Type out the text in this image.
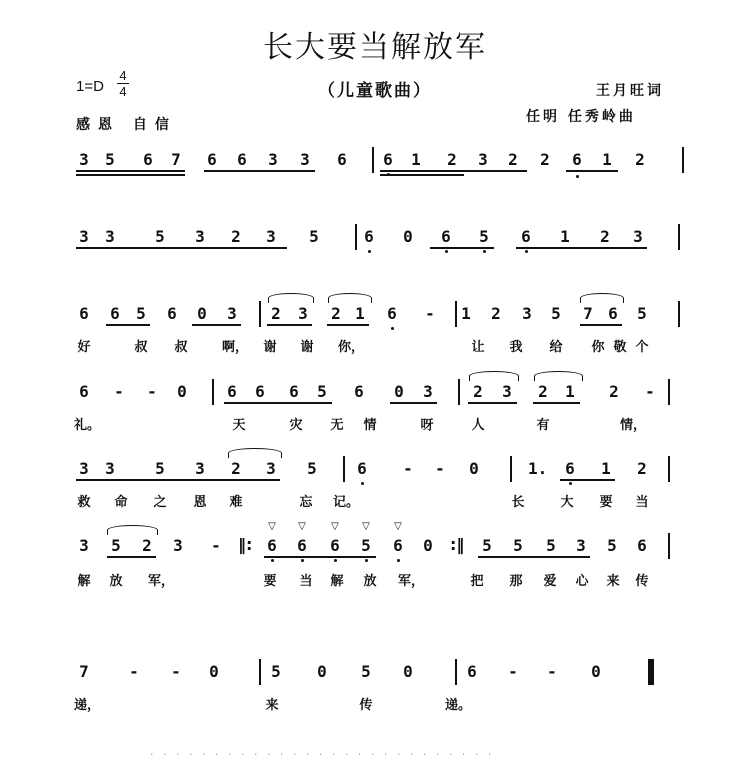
长大要当解放军
（儿童歌曲）
1=D
4
4
感恩 自信
王月旺词
任明 任秀岭曲
3 5 6 7 6 6 3 3 6 6 1 2 3 2 2 6 1 2
3 3	5 3 2 3 5	6 0 6 5 6 1 2 3
6 6 5 6 0 3 2 3 2 1 6 - 1 2 3 5 7 6 5
好	叔 叔	啊， 谢 谢 你，	让 我 给 你 敬 个
6 - - 0	6 6 6 5 6 0 3	2 3 2 1 2 -
礼。	天	灾 无 情	呀	人	有	情，
3 3	5 3 2 3 5	6 - - 0	1. 6 1 2
救 命 之 恩 难	忘 记。	长	大 要 当
3 5 2 3 -	6 6 6 5 6 0	5 5 5 3 5 6
‖:	:‖
▽ ▽	▽ ▽ ▽
解 放 军，	要 当 解 放 军，	把 那 爱 心 来 传
7	- - 0	5 0 5 0	6 - - 0
递，	来	传	递。
· · · · · · · · · · · · · · · · · · · · · · · · · · ·
